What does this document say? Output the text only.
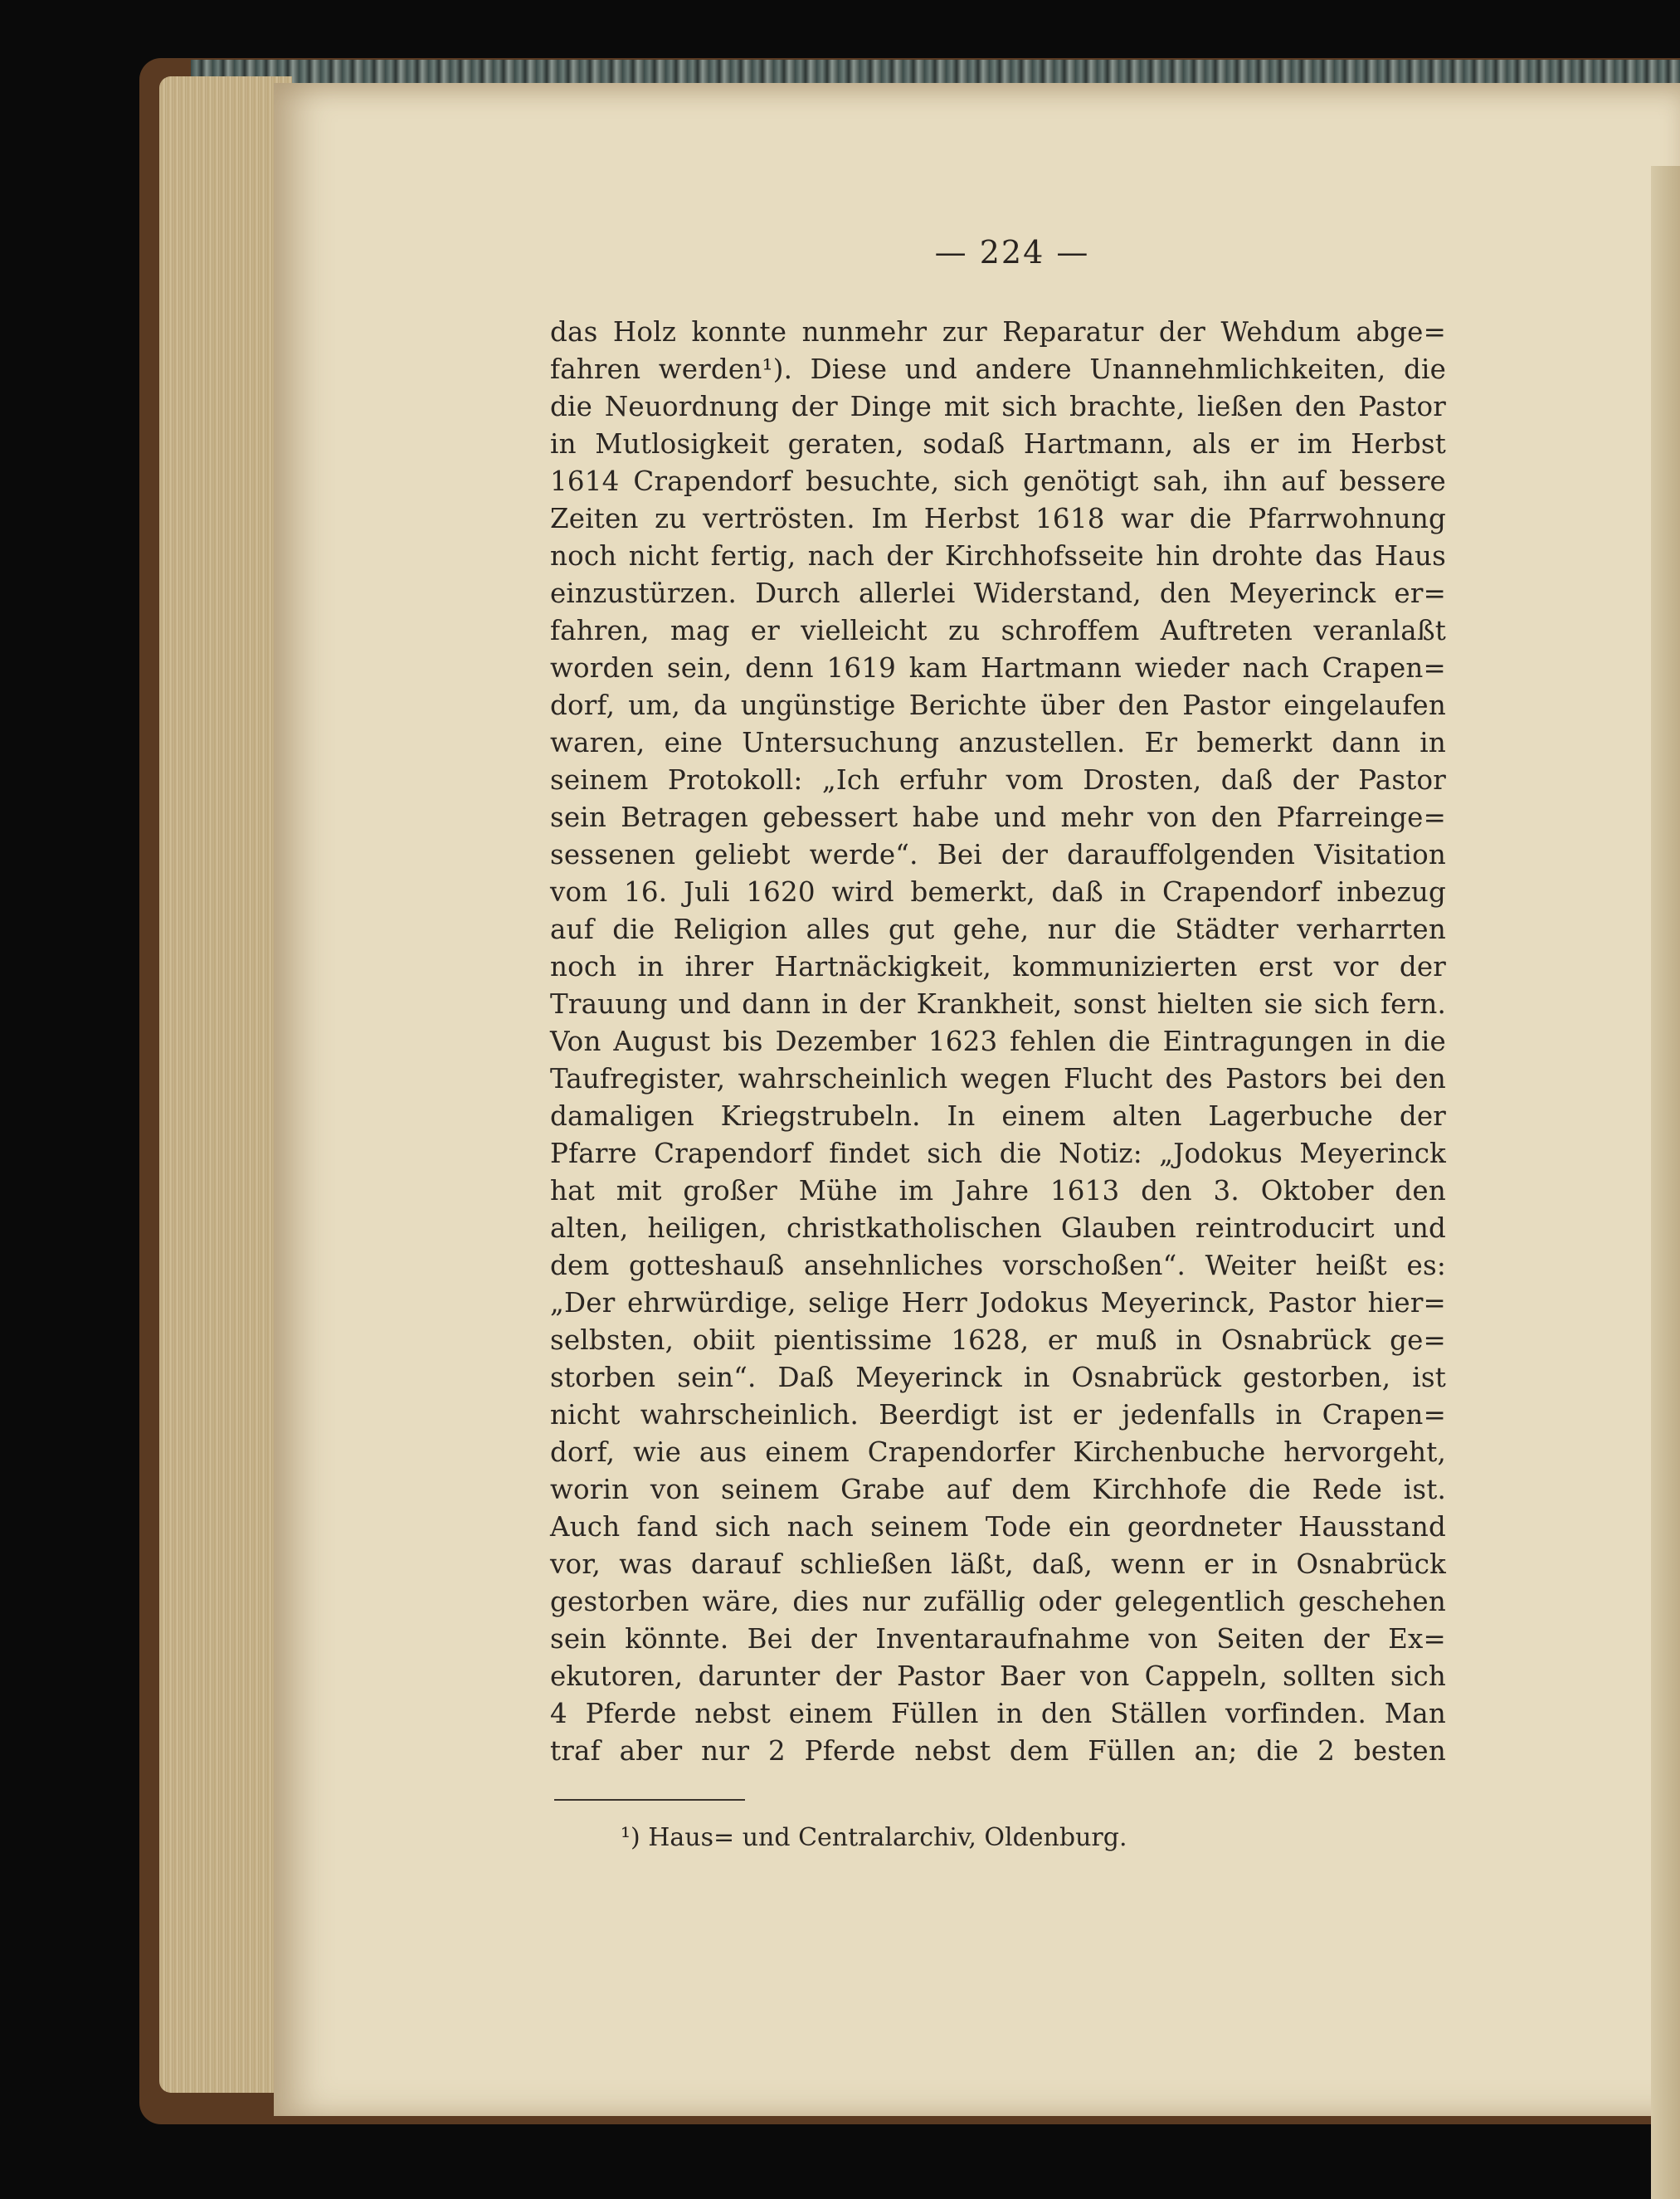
— 224 —
das Holz konnte nunmehr zur Reparatur der Wehdum abge=
fahren werden¹). Diese und andere Unannehmlichkeiten, die
die Neuordnung der Dinge mit sich brachte, ließen den Pastor
in Mutlosigkeit geraten, sodaß Hartmann, als er im Herbst
1614 Crapendorf besuchte, sich genötigt sah, ihn auf bessere
Zeiten zu vertrösten. Im Herbst 1618 war die Pfarrwohnung
noch nicht fertig, nach der Kirchhofsseite hin drohte das Haus
einzustürzen. Durch allerlei Widerstand, den Meyerinck er=
fahren, mag er vielleicht zu schroffem Auftreten veranlaßt
worden sein, denn 1619 kam Hartmann wieder nach Crapen=
dorf, um, da ungünstige Berichte über den Pastor eingelaufen
waren, eine Untersuchung anzustellen. Er bemerkt dann in
seinem Protokoll: „Ich erfuhr vom Drosten, daß der Pastor
sein Betragen gebessert habe und mehr von den Pfarreinge=
sessenen geliebt werde“. Bei der darauffolgenden Visitation
vom 16. Juli 1620 wird bemerkt, daß in Crapendorf inbezug
auf die Religion alles gut gehe, nur die Städter verharrten
noch in ihrer Hartnäckigkeit, kommunizierten erst vor der
Trauung und dann in der Krankheit, sonst hielten sie sich fern.
Von August bis Dezember 1623 fehlen die Eintragungen in die
Taufregister, wahrscheinlich wegen Flucht des Pastors bei den
damaligen Kriegstrubeln. In einem alten Lagerbuche der
Pfarre Crapendorf findet sich die Notiz: „Jodokus Meyerinck
hat mit großer Mühe im Jahre 1613 den 3. Oktober den
alten, heiligen, christkatholischen Glauben reintroducirt und
dem gotteshauß ansehnliches vorschoßen“. Weiter heißt es:
„Der ehrwürdige, selige Herr Jodokus Meyerinck, Pastor hier=
selbsten, obiit pientissime 1628, er muß in Osnabrück ge=
storben sein“. Daß Meyerinck in Osnabrück gestorben, ist
nicht wahrscheinlich. Beerdigt ist er jedenfalls in Crapen=
dorf, wie aus einem Crapendorfer Kirchenbuche hervorgeht,
worin von seinem Grabe auf dem Kirchhofe die Rede ist.
Auch fand sich nach seinem Tode ein geordneter Hausstand
vor, was darauf schließen läßt, daß, wenn er in Osnabrück
gestorben wäre, dies nur zufällig oder gelegentlich geschehen
sein könnte. Bei der Inventaraufnahme von Seiten der Ex=
ekutoren, darunter der Pastor Baer von Cappeln, sollten sich
4 Pferde nebst einem Füllen in den Ställen vorfinden. Man
traf aber nur 2 Pferde nebst dem Füllen an; die 2 besten
¹) Haus= und Centralarchiv, Oldenburg.
